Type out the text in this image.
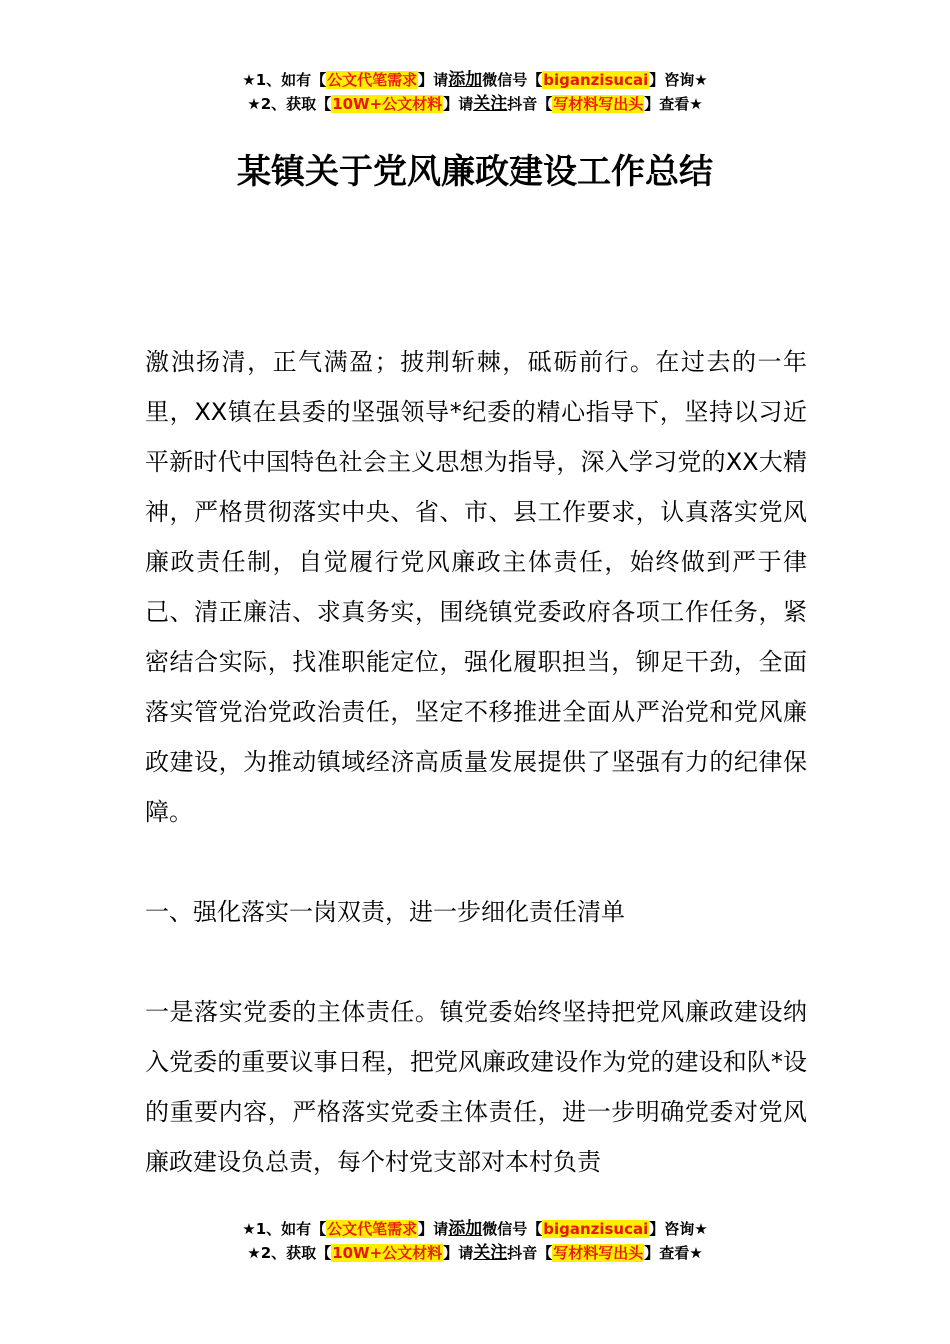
★1、如有【公文代笔需求】请添加微信号【biganzisucai】咨询★
★2、获取【10W+公文材料】请关注抖音【写材料写出头】查看★
某镇关于党风廉政建设工作总结

激浊扬清，正气满盈；披荆斩棘，砥砺前行。在过去的一年里，XX镇在县委的坚强领导*纪委的精心指导下，坚持以习近平新时代中国特色社会主义思想为指导，深入学习党的XX大精神，严格贯彻落实中央、省、市、县工作要求，认真落实党风廉政责任制，自觉履行党风廉政主体责任，始终做到严于律己、清正廉洁、求真务实，围绕镇党委政府各项工作任务，紧密结合实际，找准职能定位，强化履职担当，铆足干劲，全面落实管党治党政治责任，坚定不移推进全面从严治党和党风廉政建设，为推动镇域经济高质量发展提供了坚强有力的纪律保障。

一、强化落实一岗双责，进一步细化责任清单

一是落实党委的主体责任。镇党委始终坚持把党风廉政建设纳入党委的重要议事日程，把党风廉政建设作为党的建设和队*设的重要内容，严格落实党委主体责任，进一步明确党委对党风廉政建设负总责，每个村党支部对本村负责

★1、如有【公文代笔需求】请添加微信号【biganzisucai】咨询★
★2、获取【10W+公文材料】请关注抖音【写材料写出头】查看★
